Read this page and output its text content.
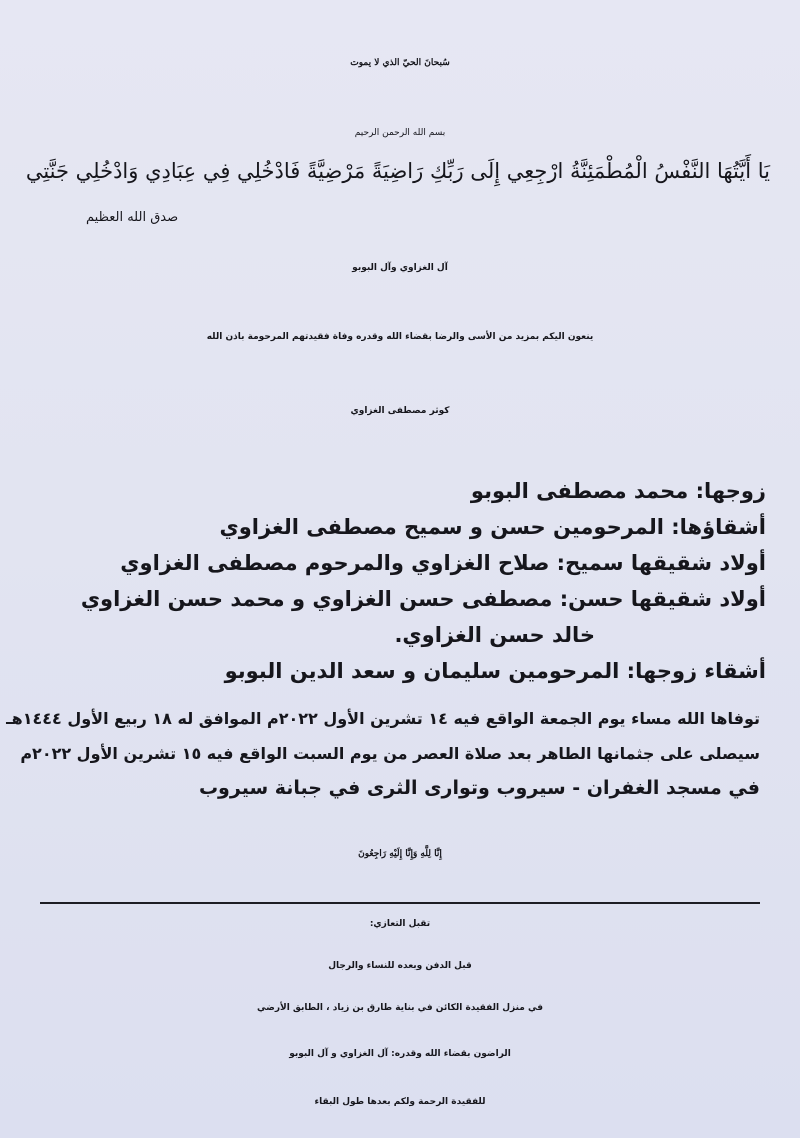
سُبحانَ الحيّ الذي لا يموت
بسم الله الرحمن الرحيم
يَا أَيَّتُهَا النَّفْسُ الْمُطْمَئِنَّةُ ارْجِعِي إِلَى رَبِّكِ رَاضِيَةً مَرْضِيَّةً فَادْخُلِي فِي عِبَادِي وَادْخُلِي جَنَّتِي
صدق الله العظيم
آل الغزاوي وآل البوبو
ينعون اليكم بمزيد من الأسى والرضا بقضاء الله وقدره وفاة فقيدتهم المرحومة باذن الله
كوثر مصطفى الغزاوي
زوجها: محمد مصطفى البوبو
أشقاؤها: المرحومين حسن و سميح مصطفى الغزاوي
أولاد شقيقها سميح: صلاح الغزاوي والمرحوم مصطفى الغزاوي
أولاد شقيقها حسن: مصطفى حسن الغزاوي و محمد حسن الغزاوي
خالد حسن الغزاوي.
أشقاء زوجها: المرحومين سليمان و سعد الدين البوبو
توفاها الله مساء يوم الجمعة الواقع فيه ١٤ تشرين الأول ٢٠٢٢م الموافق له ١٨ ربيع الأول ١٤٤٤هـ
سيصلى على جثمانها الطاهر بعد صلاة العصر من يوم السبت الواقع فيه ١٥ تشرين الأول ٢٠٢٢م
في مسجد الغفران - سيروب وتوارى الثرى في جبانة سيروب
إِنَّا لِلَّهِ وَإِنَّا إِلَيْهِ رَاجِعُونَ
تقبل التعازي:
قبل الدفن وبعده للنساء والرجال
في منزل الفقيدة الكائن في بناية طارق بن زياد ، الطابق الأرضي
الراضون بقضاء الله وقدره: آل الغزاوي و آل البوبو
للفقيدة الرحمة ولكم بعدها طول البقاء
